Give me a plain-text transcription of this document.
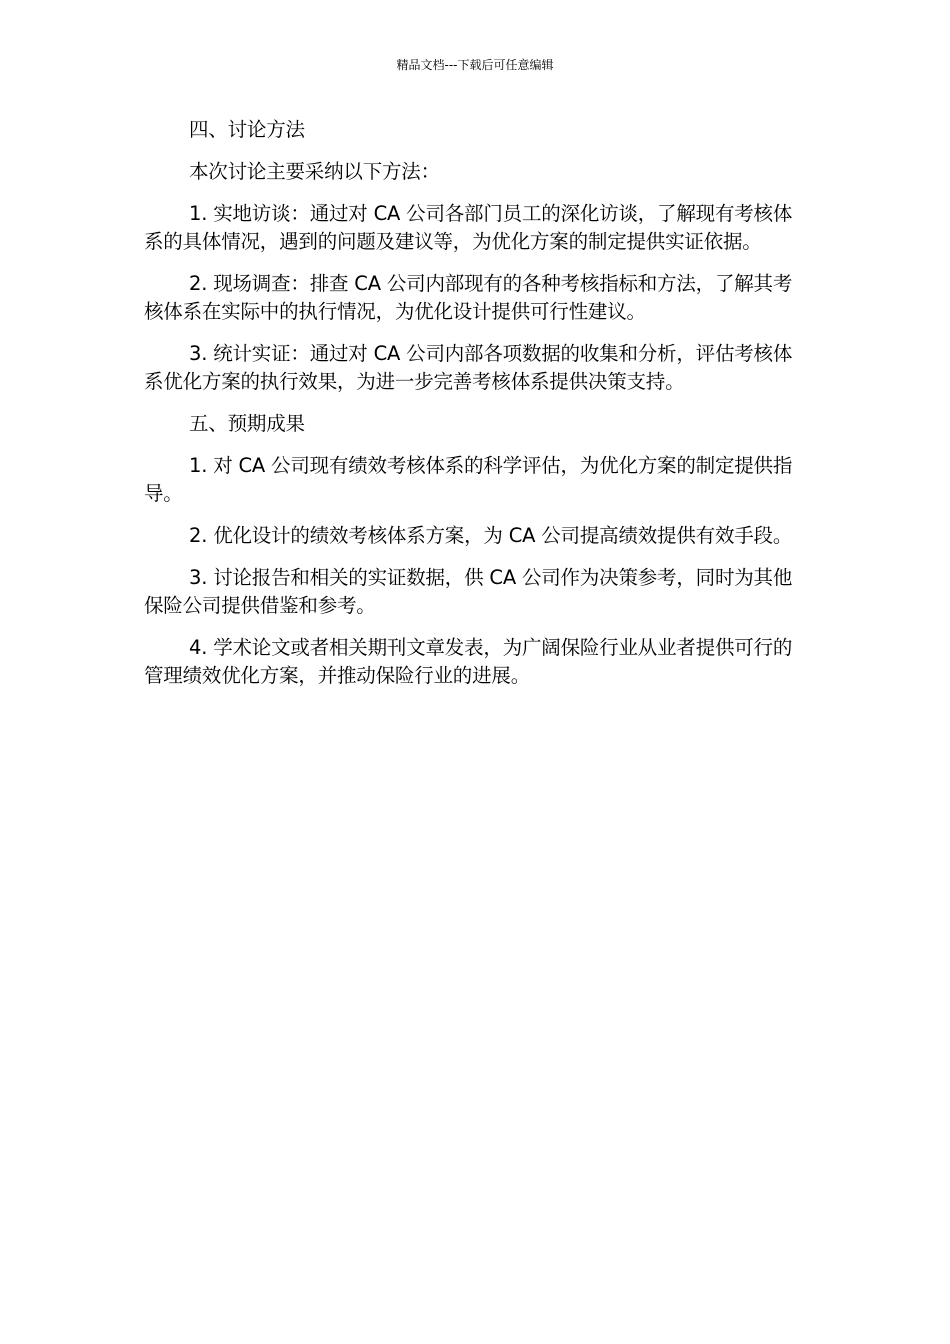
精品文档---下载后可任意编辑

四、讨论方法

本次讨论主要采纳以下方法：

1. 实地访谈：通过对 CA 公司各部门员工的深化访谈，了解现有考核体系的具体情况，遇到的问题及建议等，为优化方案的制定提供实证依据。

2. 现场调查：排查 CA 公司内部现有的各种考核指标和方法，了解其考核体系在实际中的执行情况，为优化设计提供可行性建议。

3. 统计实证：通过对 CA 公司内部各项数据的收集和分析，评估考核体系优化方案的执行效果，为进一步完善考核体系提供决策支持。

五、预期成果

1. 对 CA 公司现有绩效考核体系的科学评估，为优化方案的制定提供指导。

2. 优化设计的绩效考核体系方案，为 CA 公司提高绩效提供有效手段。

3. 讨论报告和相关的实证数据，供 CA 公司作为决策参考，同时为其他保险公司提供借鉴和参考。

4. 学术论文或者相关期刊文章发表，为广阔保险行业从业者提供可行的管理绩效优化方案，并推动保险行业的进展。
